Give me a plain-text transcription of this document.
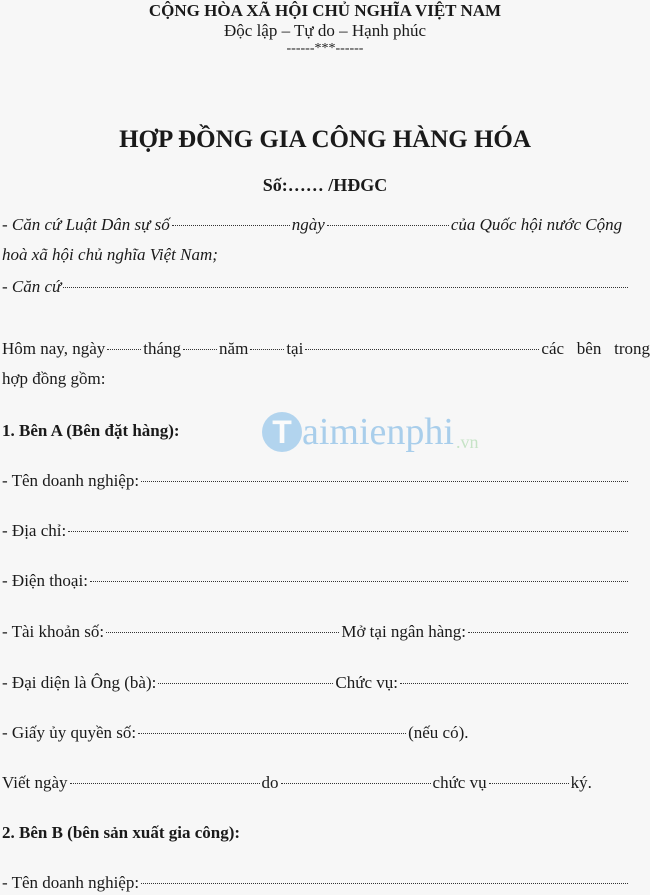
CỘNG HÒA XÃ HỘI CHỦ NGHĨA VIỆT NAM
Độc lập – Tự do – Hạnh phúc
------***------
HỢP ĐỒNG GIA CÔNG HÀNG HÓA
Số:…… /HĐGC
- Căn cứ Luật Dân sự số	ngày	của Quốc hội nước Cộng
hoà xã hội chủ nghĩa Việt Nam;
- Căn cứ
Hôm nay, ngày tháng năm tại	các   bên   trong
hợp đồng gồm:
1. Bên A (Bên đặt hàng):	T aimienphi .vn
- Tên doanh nghiệp:
- Địa chỉ:
- Điện thoại:
- Tài khoản số:	Mở tại ngân hàng:
- Đại diện là Ông (bà):	Chức vụ:
- Giấy ủy quyền số:	(nếu có).
Viết ngày	do	chức vụ	ký.
2. Bên B (bên sản xuất gia công):
- Tên doanh nghiệp:
